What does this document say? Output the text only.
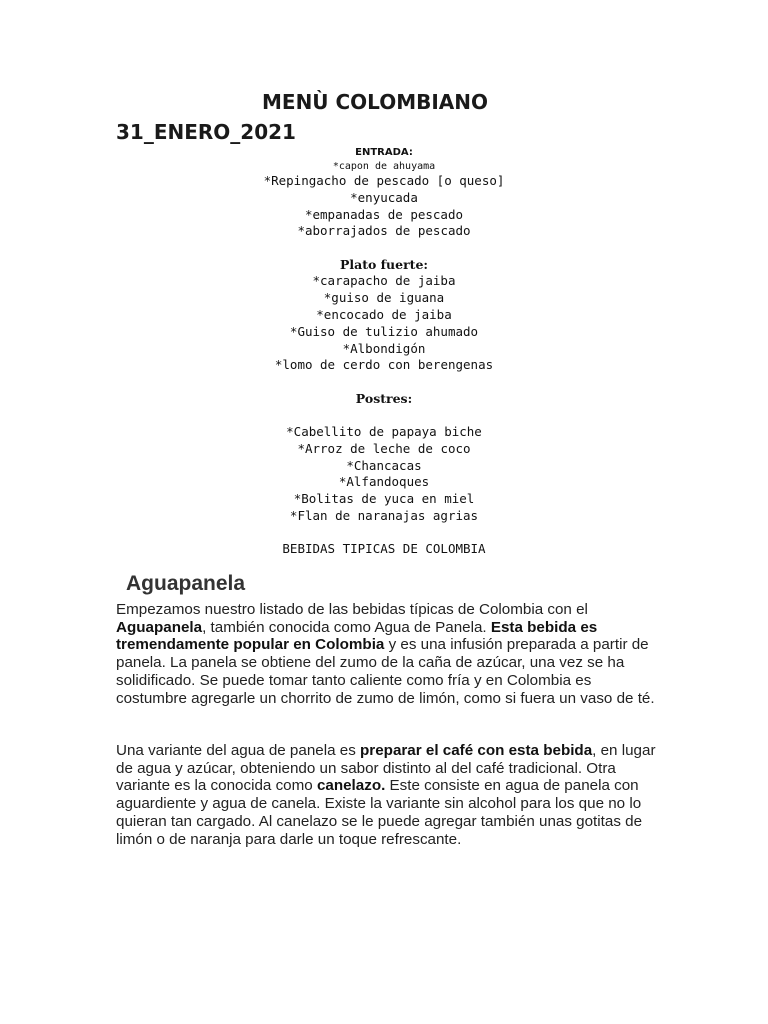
MENÙ COLOMBIANO
31_ENERO_2021
ENTRADA:
*capon de ahuyama
*Repingacho de pescado [o queso]
*enyucada
*empanadas de pescado
*aborrajados de pescado
Plato fuerte:
*carapacho de jaiba
*guiso de iguana
*encocado de jaiba
*Guiso de tulizio ahumado
*Albondigón
*lomo de cerdo con berengenas
Postres:
*Cabellito de papaya biche
*Arroz de leche de coco
*Chancacas
*Alfandoques
*Bolitas de yuca en miel
*Flan de naranajas agrias
BEBIDAS TIPICAS DE COLOMBIA
Aguapanela

Empezamos nuestro listado de las bebidas típicas de Colombia con el Aguapanela, también conocida como Agua de Panela. Esta bebida es tremendamente popular en Colombia y es una infusión preparada a partir de panela. La panela se obtiene del zumo de la caña de azúcar, una vez se ha solidificado. Se puede tomar tanto caliente como fría y en Colombia es costumbre agregarle un chorrito de zumo de limón, como si fuera un vaso de té.

Una variante del agua de panela es preparar el café con esta bebida, en lugar de agua y azúcar, obteniendo un sabor distinto al del café tradicional. Otra variante es la conocida como canelazo. Este consiste en agua de panela con aguardiente y agua de canela. Existe la variante sin alcohol para los que no lo quieran tan cargado. Al canelazo se le puede agregar también unas gotitas de limón o de naranja para darle un toque refrescante.
